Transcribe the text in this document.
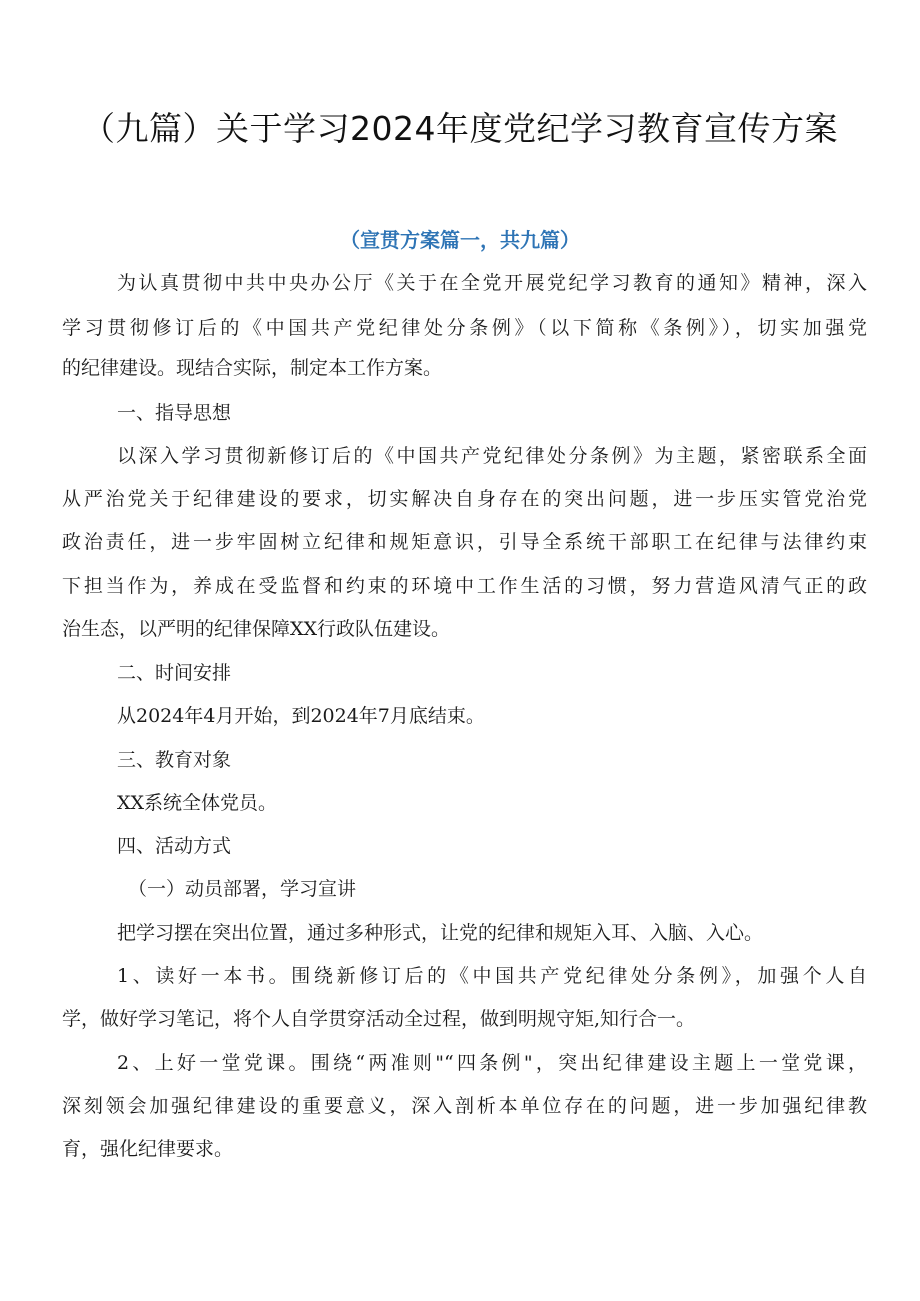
（九篇）关于学习2024年度党纪学习教育宣传方案
（宣贯方案篇一，共九篇）
为认真贯彻中共中央办公厅《关于在全党开展党纪学习教育的通知》精神，深入
学习贯彻修订后的《中国共产党纪律处分条例》（以下简称《条例》），切实加强党
的纪律建设。现结合实际，制定本工作方案。
一、指导思想
以深入学习贯彻新修订后的《中国共产党纪律处分条例》为主题，紧密联系全面
从严治党关于纪律建设的要求，切实解决自身存在的突出问题，进一步压实管党治党
政治责任，进一步牢固树立纪律和规矩意识，引导全系统干部职工在纪律与法律约束
下担当作为，养成在受监督和约束的环境中工作生活的习惯，努力营造风清气正的政
治生态，以严明的纪律保障XX行政队伍建设。
二、时间安排
从2024年4月开始，到2024年7月底结束。
三、教育对象
XX系统全体党员。
四、活动方式
（一）动员部署，学习宣讲
把学习摆在突出位置，通过多种形式，让党的纪律和规矩入耳、入脑、入心。
1、读好一本书。围绕新修订后的《中国共产党纪律处分条例》，加强个人自
学，做好学习笔记，将个人自学贯穿活动全过程，做到明规守矩,知行合一。
2、上好一堂党课。围绕“两准则"“四条例"，突出纪律建设主题上一堂党课，
深刻领会加强纪律建设的重要意义，深入剖析本单位存在的问题，进一步加强纪律教
育，强化纪律要求。
